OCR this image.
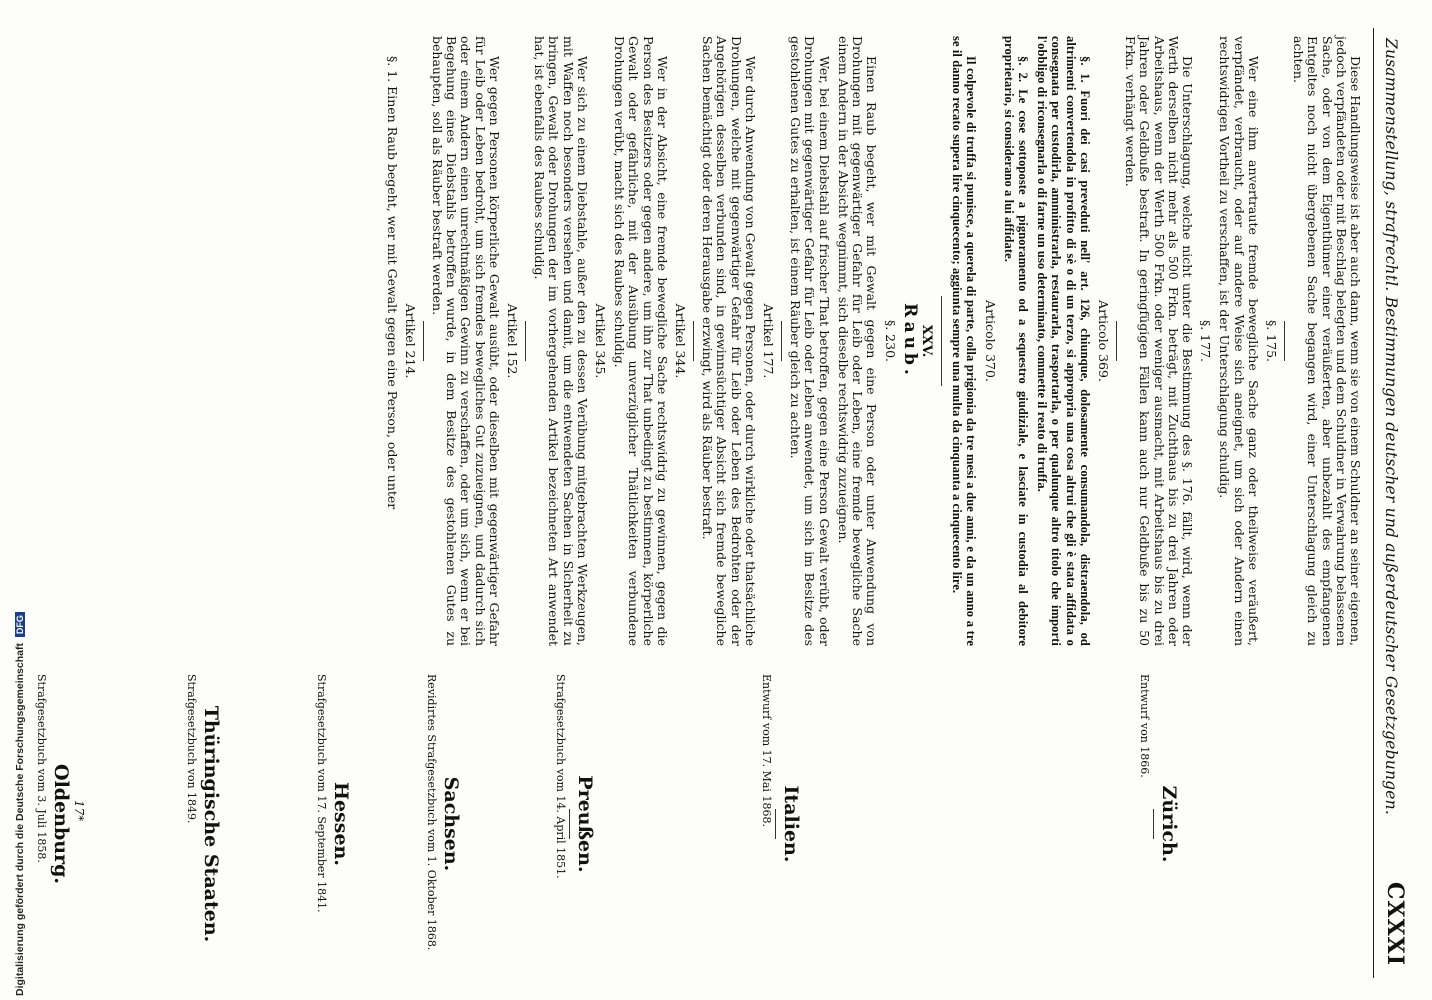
Zusammenstellung, strafrechtl. Bestimmungen deutscher und außerdeutscher Gesetzgebungen.
CXXXI

Diese Handlungsweise ist aber auch dann, wenn sie von einem Schuldner an seiner eigenen, jedoch verpfändeten oder mit Beschlag belegten und dem Schuldner in Verwahrung belassenen Sache, oder von dem Eigenthümer einer veräußerten, aber unbezahlt des empfangenen Entgeltes noch nicht übergebenen Sache begangen wird, einer Unterschlagung gleich zu achten.

§. 175.

Wer eine ihm anvertraute fremde bewegliche Sache ganz oder theilweise veräußert, verpfändet, verbraucht, oder auf andere Weise sich aneignet, um sich oder Andern einen rechtswidrigen Vortheil zu verschaffen, ist der Unterschlagung schuldig.

§. 177.

Die Unterschlagung, welche nicht unter die Bestimmung des §. 176. fällt, wird, wenn der Werth derselben nicht mehr als 500 Frkn. beträgt, mit Zuchthaus bis zu drei Jahren oder Arbeitshaus, wenn der Werth 500 Frkn. oder weniger ausmacht, mit Arbeitshaus bis zu drei Jahren oder Geldbuße bestraft. In geringfügigen Fällen kann auch nur Geldbuße bis zu 50 Frkn. verhängt werden.

Articolo 369.

§. 1. Fuori dei casi preveduti nell' art. 126, chiunque, dolosamente consumandola, distraendola, od altrimenti convertendola in profitto di sè o di un terzo, si appropria una cosa altrui che gli è stata affidata o consegnata per custodirla, amministrarla, restaurarla, trasportarla, o per qualunque altro titolo che importi l'obbligo di riconsegnarla o di farne un uso determinato, commette il reato di truffa.

§. 2. Le cose sottoposte a pignoramento od a sequestro giudiziale, e lasciate in custodia al debitore proprietario, si considerano a lui affidate.

Articolo 370.

Il colpevole di truffa si punisce, a querela di parte, colla prigionia da tre mesi a due anni, e da un anno a tre se il danno recato supera lire cinquecento; aggiunta sempre una multa da cinquanta a cinquecento lire.

XXV.
Raub.
§. 230.

Einen Raub begeht, wer mit Gewalt gegen eine Person oder unter Anwendung von Drohungen mit gegenwärtiger Gefahr für Leib oder Leben, eine fremde bewegliche Sache einem Andern in der Absicht wegnimmt, sich dieselbe rechtswidrig zuzueignen.

Wer, bei einem Diebstahl auf frischer That betroffen, gegen eine Person Gewalt verübt, oder Drohungen mit gegenwärtiger Gefahr für Leib oder Leben anwendet, um sich im Besitze des gestohlenen Gutes zu erhalten, ist einem Räuber gleich zu achten.

Artikel 177.

Wer durch Anwendung von Gewalt gegen Personen, oder durch wirkliche oder thatsächliche Drohungen, welche mit gegenwärtiger Gefahr für Leib oder Leben des Bedrohten oder der Angehörigen desselben verbunden sind, in gewinnsüchtiger Absicht sich fremde bewegliche Sachen bemächtigt oder deren Herausgabe erzwingt, wird als Räuber bestraft.

Artikel 344.

Wer in der Absicht, eine fremde bewegliche Sache rechtswidrig zu gewinnen, gegen die Person des Besitzers oder gegen andere, um ihn zur That unbedingt zu bestimmen, körperliche Gewalt oder gefährliche, mit der Ausübung unverzüglicher Thätlichkeiten verbundene Drohungen verübt, macht sich des Raubes schuldig.

Artikel 345.

Wer sich zu einem Diebstahle, außer den zu dessen Verübung mitgebrachten Werkzeugen, mit Waffen noch besonders versehen und damit, um die entwendeten Sachen in Sicherheit zu bringen, Gewalt oder Drohungen der im vorhergehenden Artikel bezeichneten Art anwendet hat, ist ebenfalls des Raubes schuldig.

Artikel 152.

Wer gegen Personen körperliche Gewalt ausübt, oder dieselben mit gegenwärtiger Gefahr für Leib oder Leben bedroht, um sich fremdes bewegliches Gut zuzueignen, und dadurch sich oder einem Andern einen unrechtmäßigen Gewinn zu verschaffen, oder um sich, wenn er bei Begehung eines Diebstahls betroffen wurde, in dem Besitze des gestohlenen Gutes zu behaupten, soll als Räuber bestraft werden.

Artikel 214.

§. 1. Einen Raub begeht, wer mit Gewalt gegen eine Person, oder unter

Zürich.

Entwurf von 1866.

Italien.

Entwurf vom 17. Mai 1868.

Preußen.

Strafgesetzbuch vom 14. April 1851.

Sachsen.

Revidirtes Strafgesetzbuch vom 1. Oktober 1868.

Hessen.

Strafgesetzbuch vom 17. September 1841.

Thüringische Staaten.

Strafgesetzbuch von 1849.

Oldenburg.

Strafgesetzbuch vom 3. Juli 1858. 17*
Digitalisierung gefördert durch die Deutsche Forschungsgemeinschaft DFG
